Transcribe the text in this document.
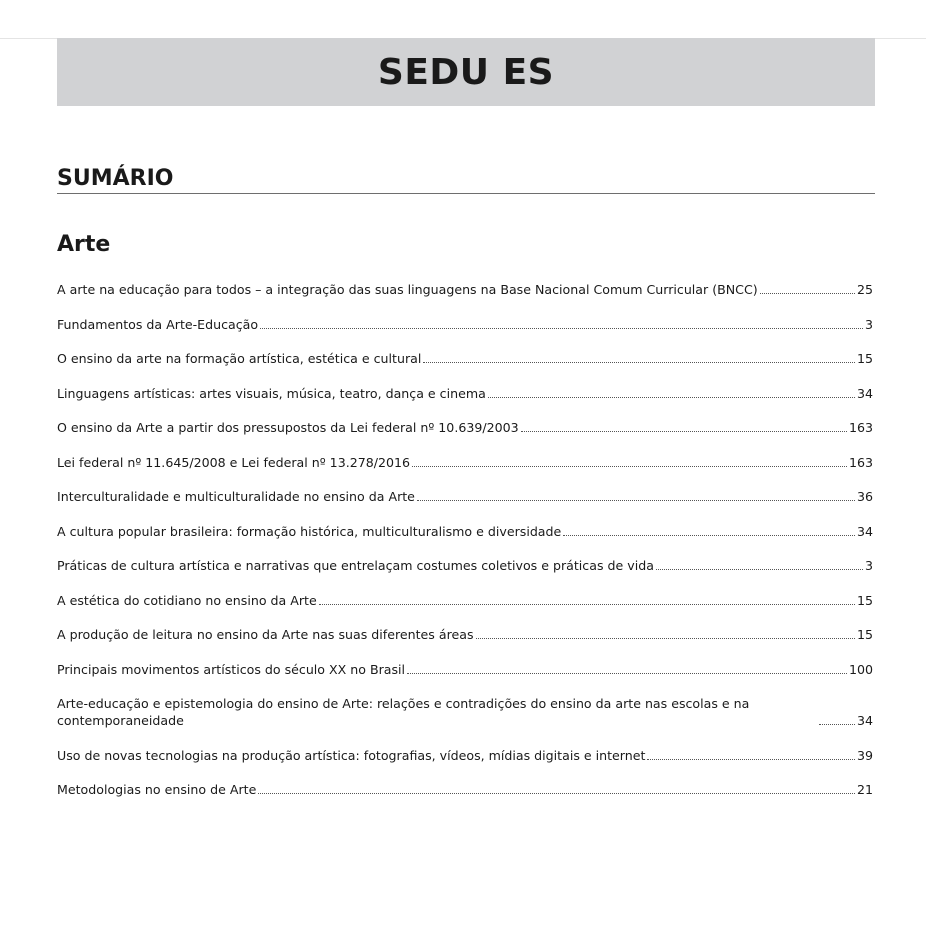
SEDU ES
SUMÁRIO
Arte
A arte na educação para todos – a integração das suas linguagens na Base Nacional Comum Curricular (BNCC)	25
Fundamentos da Arte-Educação	3
O ensino da arte na formação artística, estética e cultural	15
Linguagens artísticas: artes visuais, música, teatro, dança e cinema	34
O ensino da Arte a partir dos pressupostos da Lei federal nº 10.639/2003	163
Lei federal nº 11.645/2008 e Lei federal nº 13.278/2016	163
Interculturalidade e multiculturalidade no ensino da Arte	36
A cultura popular brasileira: formação histórica, multiculturalismo e diversidade	34
Práticas de cultura artística e narrativas que entrelaçam costumes coletivos e práticas de vida	3
A estética do cotidiano no ensino da Arte	15
A produção de leitura no ensino da Arte nas suas diferentes áreas	15
Principais movimentos artísticos do século XX no Brasil	100
Arte-educação e epistemologia do ensino de Arte: relações e contradições do ensino da arte nas escolas e na contemporaneidade	34
Uso de novas tecnologias na produção artística: fotografias, vídeos, mídias digitais e internet	39
Metodologias no ensino de Arte	21
